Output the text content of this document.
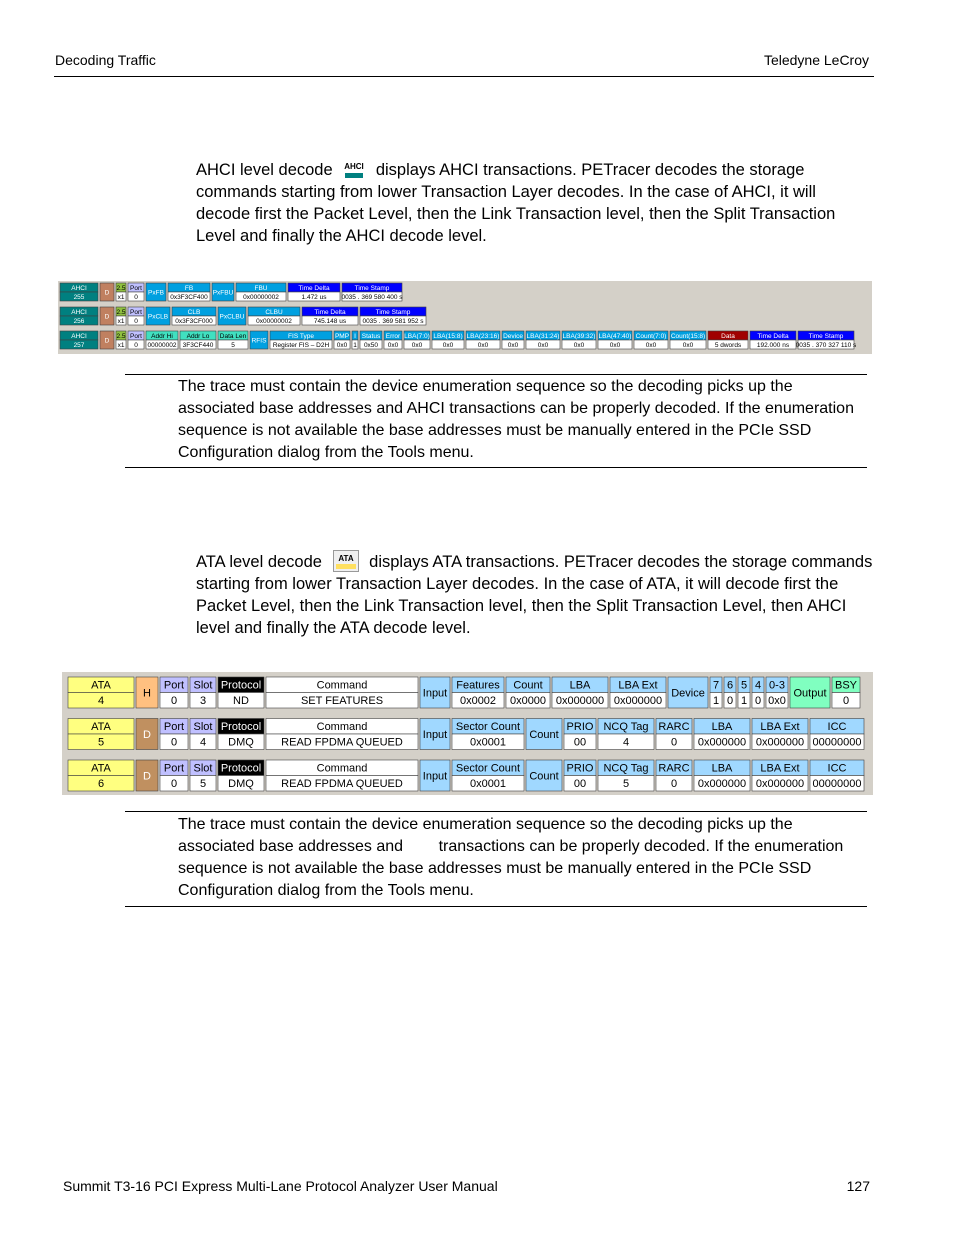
Decoding Traffic	Teledyne LeCroy
AHCI level decode AHCI displays AHCI transactions. PETracer decodes the storage
commands starting from lower Transaction Layer decodes. In the case of AHCI, it will
decode first the Packet Level, then the Link Transaction level, then the Split Transaction
Level and finally the AHCI decode level.
AHCI
255
D
2.5
x1
Port
0
PxFB
FB
0x3F3CF400
PxFBU
FBU
0x00000002
Time Delta
1.472 us
Time Stamp
0035 . 369 580 400 s
AHCI
256
D
2.5
x1
Port
0
PxCLB
CLB
0x3F3CF000
PxCLBU
CLBU
0x00000002
Time Delta
745.148 us
Time Stamp
0035 . 369 581 952 s
AHCI
257
D
2.5
x1
Port
0
Addr Hi
00000002
Addr Lo
3F3CF440
Data Len
5
RFIS
FIS Type
Register FIS – D2H
PMP
0x0
I
1
Status
0x50
Error
0x0
LBA(7:0)
0x0
LBA(15:8)
0x0
LBA(23:16)
0x0
Device
0x0
LBA(31:24)
0x0
LBA(39:32)
0x0
LBA(47:40)
0x0
Count(7:0)
0x0
Count(15:8)
0x0
Data
5 dwords
Time Delta
192.000 ns
Time Stamp
0035 . 370 327 110 s
The trace must contain the device enumeration sequence so the decoding picks up the
associated base addresses and AHCI transactions can be properly decoded. If the enumeration
sequence is not available the base addresses must be manually entered in the PCIe SSD
Configuration dialog from the Tools menu.
ATA level decode ATA displays ATA transactions. PETracer decodes the storage commands
starting from lower Transaction Layer decodes. In the case of ATA, it will decode first the
Packet Level, then the Link Transaction level, then the Split Transaction Level, then AHCI
level and finally the ATA decode level.
ATA
4
H
Port
0
Slot
3
Protocol
ND
Command
SET FEATURES
Input
Features
0x0002
Count
0x0000
LBA
0x000000
LBA Ext
0x000000
Device
7
1
6
0
5
1
4
0
0-3
0x0
Output
BSY
0
ATA
5
D
Port
0
Slot
4
Protocol
DMQ
Command
READ FPDMA QUEUED
Input
Sector Count
0x0001
Count
PRIO
00
NCQ Tag
4
RARC
0
LBA
0x000000
LBA Ext
0x000000
ICC
00000000
ATA
6
D
Port
0
Slot
5
Protocol
DMQ
Command
READ FPDMA QUEUED
Input
Sector Count
0x0001
Count
PRIO
00
NCQ Tag
5
RARC
0
LBA
0x000000
LBA Ext
0x000000
ICC
00000000
The trace must contain the device enumeration sequence so the decoding picks up the
associated base addresses and        transactions can be properly decoded. If the enumeration
sequence is not available the base addresses must be manually entered in the PCIe SSD
Configuration dialog from the Tools menu.
Summit T3-16 PCI Express Multi-Lane Protocol Analyzer User Manual	127
